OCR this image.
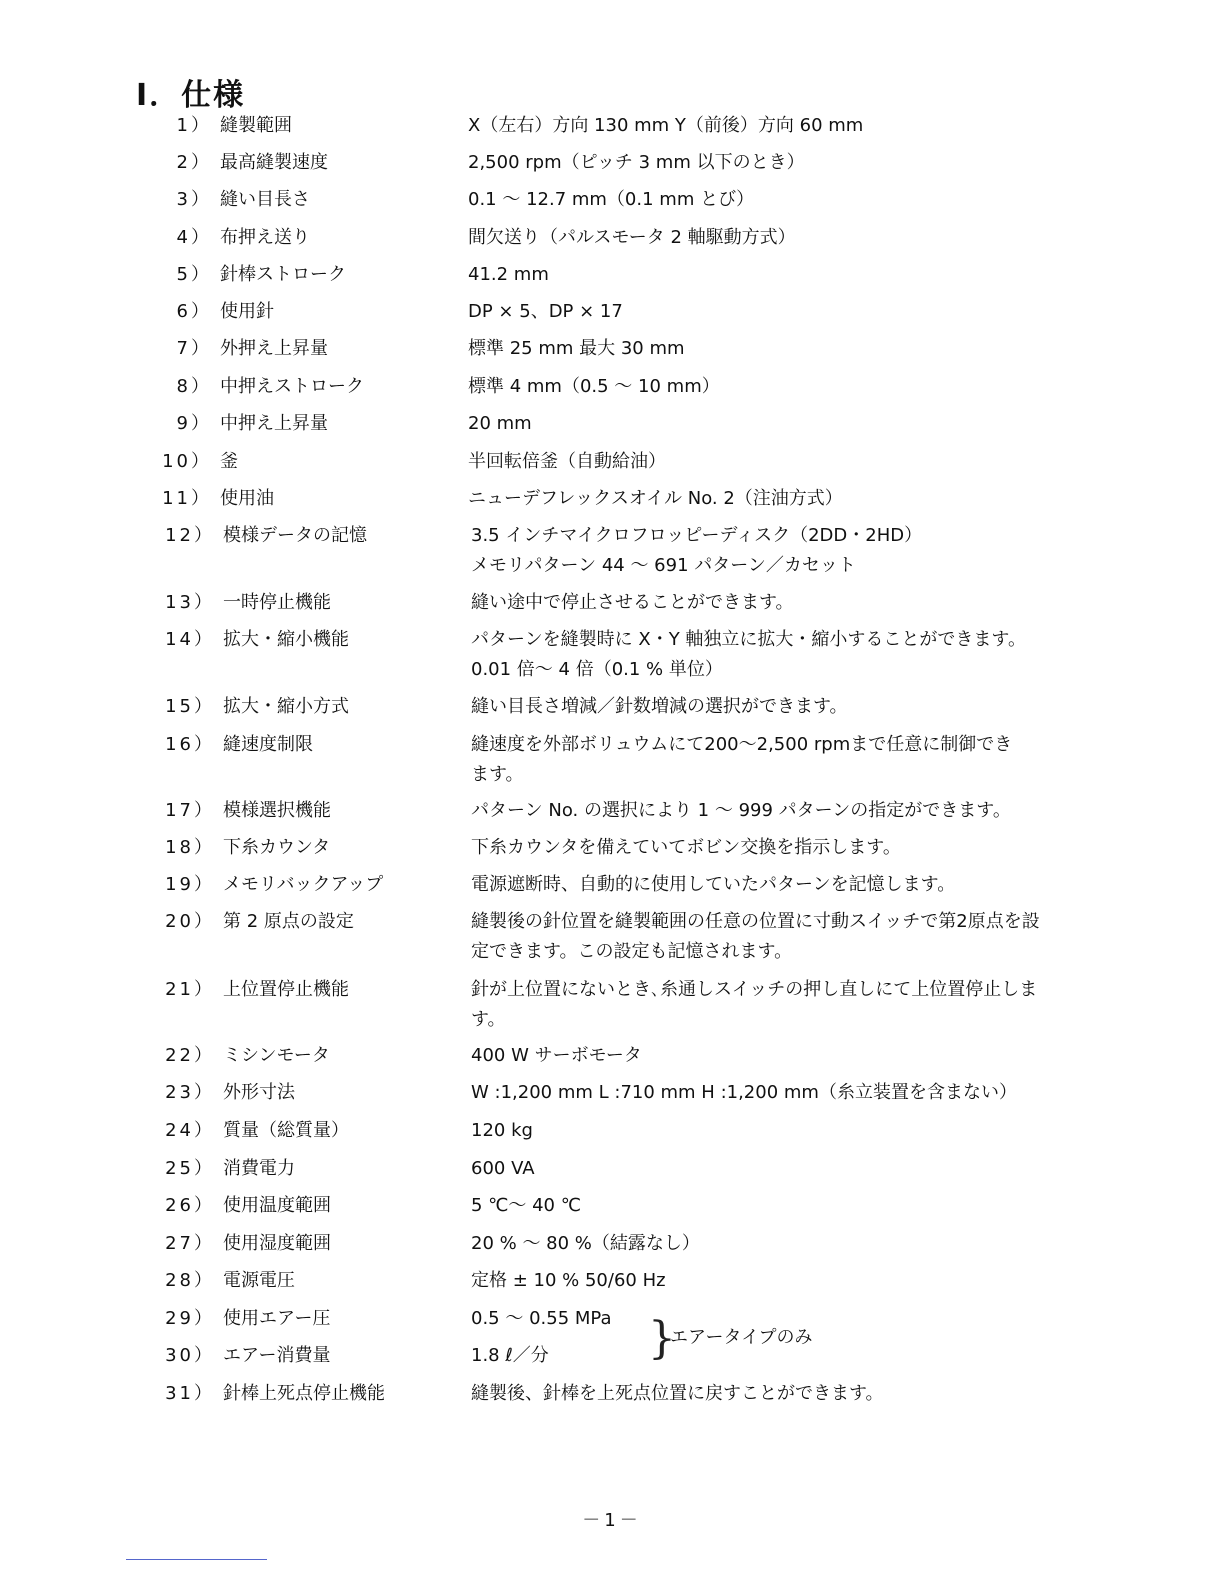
I．仕様
1） 縫製範囲	X（左右）方向 130 mm Y（前後）方向 60 mm
2） 最高縫製速度	2,500 rpm（ピッチ 3 mm 以下のとき）
3） 縫い目長さ	0.1 ～ 12.7 mm（0.1 mm とび）
4） 布押え送り	間欠送り（パルスモータ 2 軸駆動方式）
5） 針棒ストローク	41.2 mm
6） 使用針	DP × 5、DP × 17
7） 外押え上昇量	標準 25 mm 最大 30 mm
8） 中押えストローク	標準 4 mm（0.5 ～ 10 mm）
9） 中押え上昇量	20 mm
10） 釜	半回転倍釜（自動給油）
11） 使用油	ニューデフレックスオイル No. 2（注油方式）
12） 模様データの記憶	3.5 インチマイクロフロッピーディスク（2DD・2HD）
メモリパターン 44 ～ 691 パターン／カセット
13） 一時停止機能	縫い途中で停止させることができます。
14） 拡大・縮小機能	パターンを縫製時に X・Y 軸独立に拡大・縮小することができます。
0.01 倍～ 4 倍（0.1 % 単位）
15） 拡大・縮小方式	縫い目長さ増減／針数増減の選択ができます。
16） 縫速度制限	縫速度を外部ボリュウムにて200～2,500 rpmまで任意に制御でき
ます。
17） 模様選択機能	パターン No. の選択により 1 ～ 999 パターンの指定ができます。
18） 下糸カウンタ	下糸カウンタを備えていてボビン交換を指示します。
19） メモリバックアップ	電源遮断時、自動的に使用していたパターンを記憶します。
20） 第 2 原点の設定	縫製後の針位置を縫製範囲の任意の位置に寸動スイッチで第2原点を設
定できます。この設定も記憶されます。
21） 上位置停止機能	針が上位置にないとき､糸通しスイッチの押し直しにて上位置停止しま
す。
22） ミシンモータ	400 W サーボモータ
23） 外形寸法	W :1,200 mm L :710 mm H :1,200 mm（糸立装置を含まない）
24） 質量（総質量）	120 kg
25） 消費電力	600 VA
26） 使用温度範囲	5 ℃～ 40 ℃
27） 使用湿度範囲	20 % ～ 80 %（結露なし）
28） 電源電圧	定格 ± 10 % 50/60 Hz
29） 使用エアー圧	0.5 ～ 0.55 MPa
30） エアー消費量	1.8 ℓ／分
31） 針棒上死点停止機能	縫製後、針棒を上死点位置に戻すことができます。
}
エアータイプのみ
－1－
